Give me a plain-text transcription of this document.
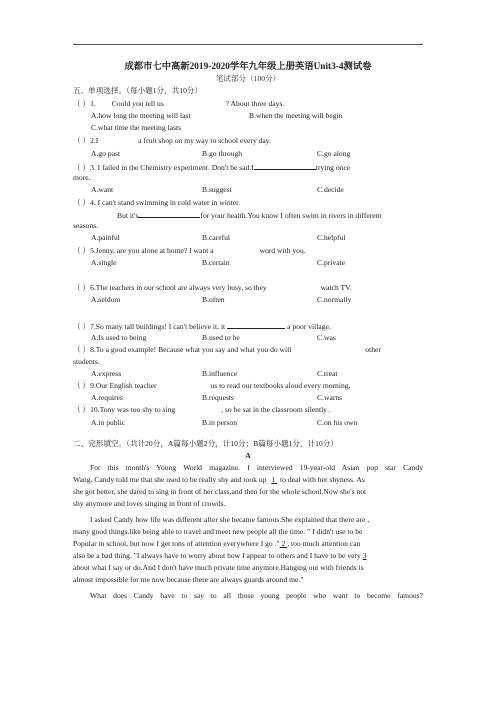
成都市七中高新2019-2020学年九年级上册英语Unit3-4测试卷
笔试部分（100分）
五、单项选择。（每小题1分，共10分）
（ ）1. Could you tell us	? About three days.
A.how long the meeting will last	B.when the meeting will begin
C.what time the meeting lasts
（ ）2.I	a fruit shop on my way to school every day.
A.go past	B.go through	C.go along
（ ）3. I failed in the Chemistry experiment. Don't be sad.I	trying once
more.
A.want	B.suggest	C.decide
（ ）4. I can't stand swimming in cold water in winter.
But it's	for your health.You know I often swim in rivers in different
seasons.
A.painful	B.careful	C.helpful
（ ）5.Jenny, are you alone at home? I want a	word with you.
A.single	B.certain	C.private
（ ）6.The teachers in our school are always very busy, so they	watch TV.
A.seldom	B.often	C.normally
（ ）7.So many tall buildings! I can't believe it, it	a poor village.
A.Is used to being	B.used to be	C.was
（ ）8.To a good example! Because what you say and what you do will	other
students.
A.express	B.influence	C.treat
（ ）9.Our English teacher	us to read our textbooks aloud every morning.
A.requires	B.requests	C.warns
（ ）10.Tony was too shy to sing	, so he sat in the classroom silently .
A.in public	B.in person	C.on his own
二、完形填空。（共计20分，A篇每小题2分，计10分；B篇每小题1分，计10分）
A
For this month's Young World magazine. I interviewed 19-year-old Asian pop star Candy
Wang. Candy told me that she used to be really shy and took up 1 to deal with her shyness. As
she got better, she dared to sing in front of her class,and then for the whole school.Now she's not
shy anymore and loves singing in front of crowds.
I asked Candy how life was different after she became famous.She explained that there are ,
many good things.like being able to travel and meet new people all the time. " I didn't use to be
Popular in school, but now I get tons of attention everywhere I go ." 2 , too much attention can
also be a bad thing. "I always have to worry about how I appear to others and I have to be very 3
about what I say or do.And I don't have much private time anymore.Hanging out with friends is
almost impossible for me now because there are always guards around me."
What does Candy have to say to all those young people who want to become famous?
